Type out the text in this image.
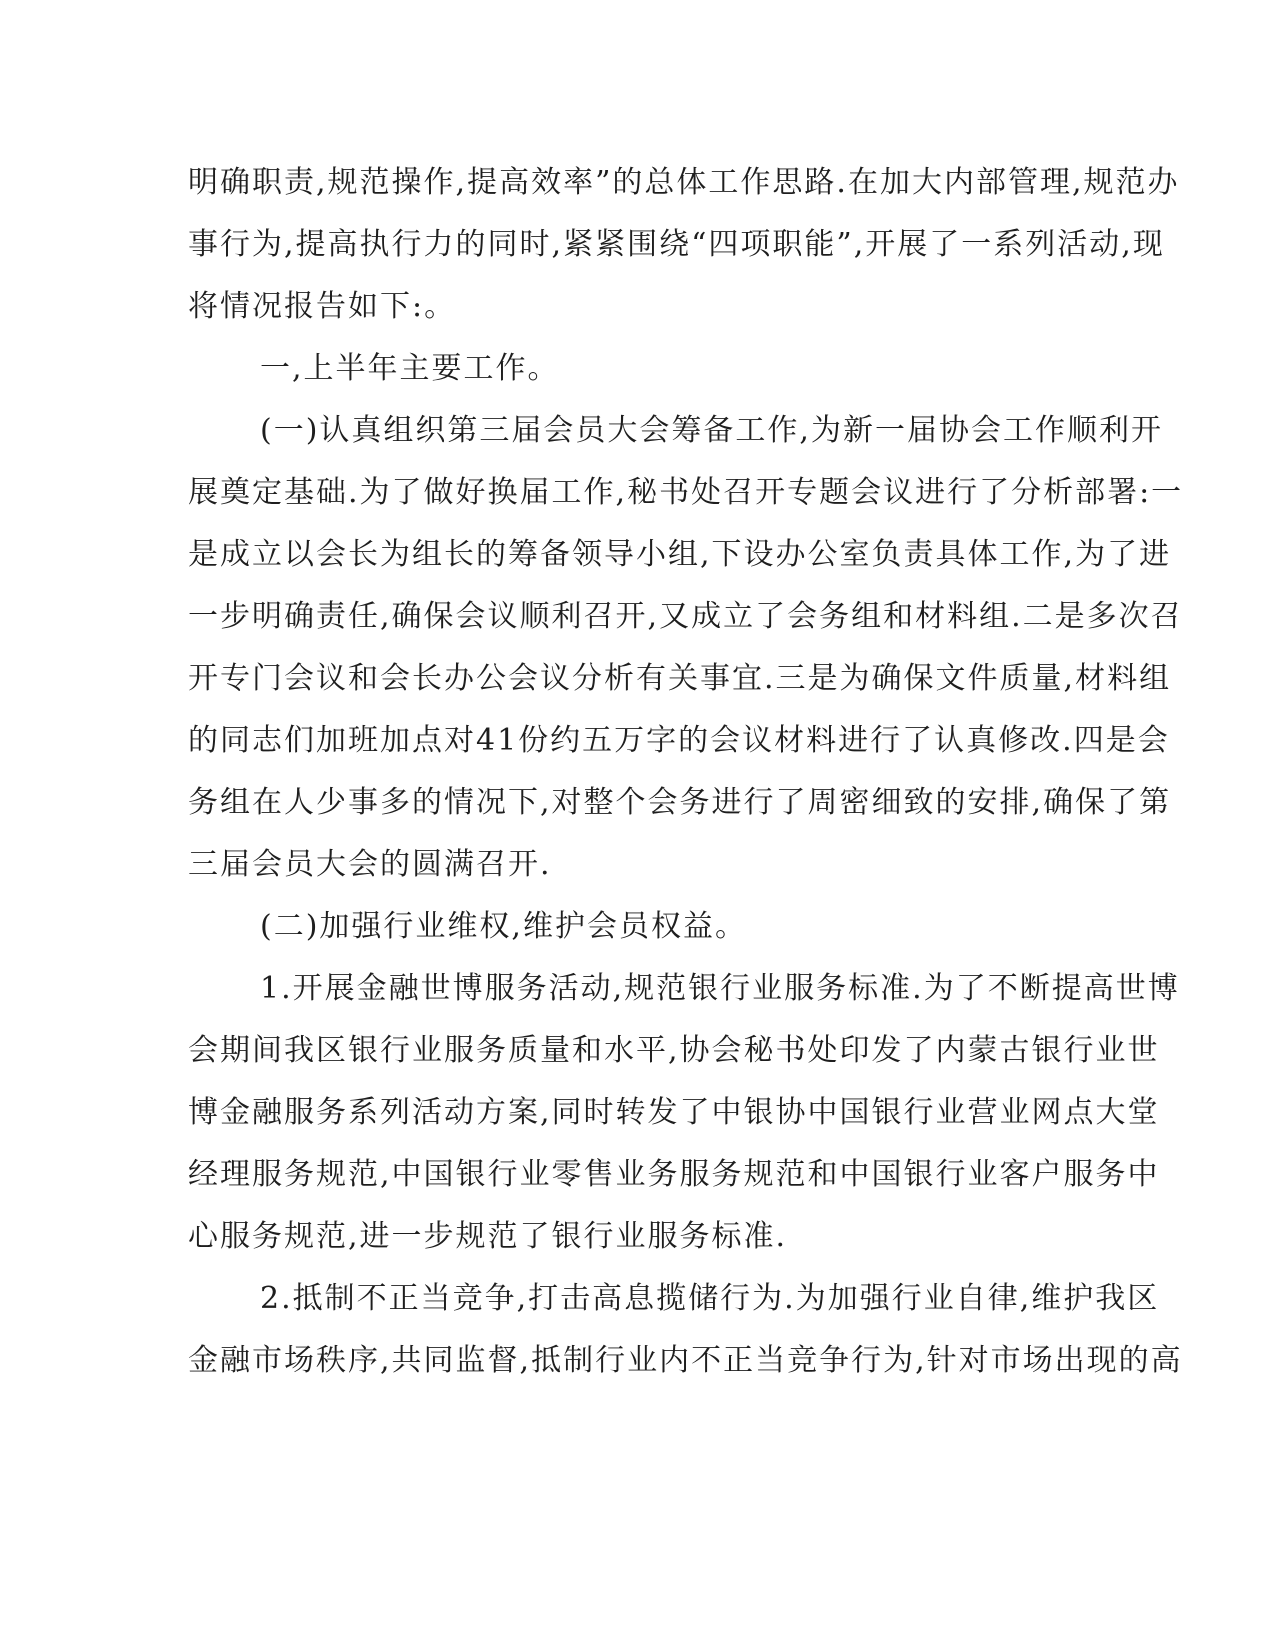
明确职责,规范操作,提高效率”的总体工作思路.在加大内部管理,规范办
事行为,提高执行力的同时,紧紧围绕“四项职能”,开展了一系列活动,现
将情况报告如下:。
一,上半年主要工作。
(一)认真组织第三届会员大会筹备工作,为新一届协会工作顺利开
展奠定基础.为了做好换届工作,秘书处召开专题会议进行了分析部署:一
是成立以会长为组长的筹备领导小组,下设办公室负责具体工作,为了进
一步明确责任,确保会议顺利召开,又成立了会务组和材料组.二是多次召
开专门会议和会长办公会议分析有关事宜.三是为确保文件质量,材料组
的同志们加班加点对41份约五万字的会议材料进行了认真修改.四是会
务组在人少事多的情况下,对整个会务进行了周密细致的安排,确保了第
三届会员大会的圆满召开.
(二)加强行业维权,维护会员权益。
1.开展金融世博服务活动,规范银行业服务标准.为了不断提高世博
会期间我区银行业服务质量和水平,协会秘书处印发了内蒙古银行业世
博金融服务系列活动方案,同时转发了中银协中国银行业营业网点大堂
经理服务规范,中国银行业零售业务服务规范和中国银行业客户服务中
心服务规范,进一步规范了银行业服务标准.
2.抵制不正当竞争,打击高息揽储行为.为加强行业自律,维护我区
金融市场秩序,共同监督,抵制行业内不正当竞争行为,针对市场出现的高
